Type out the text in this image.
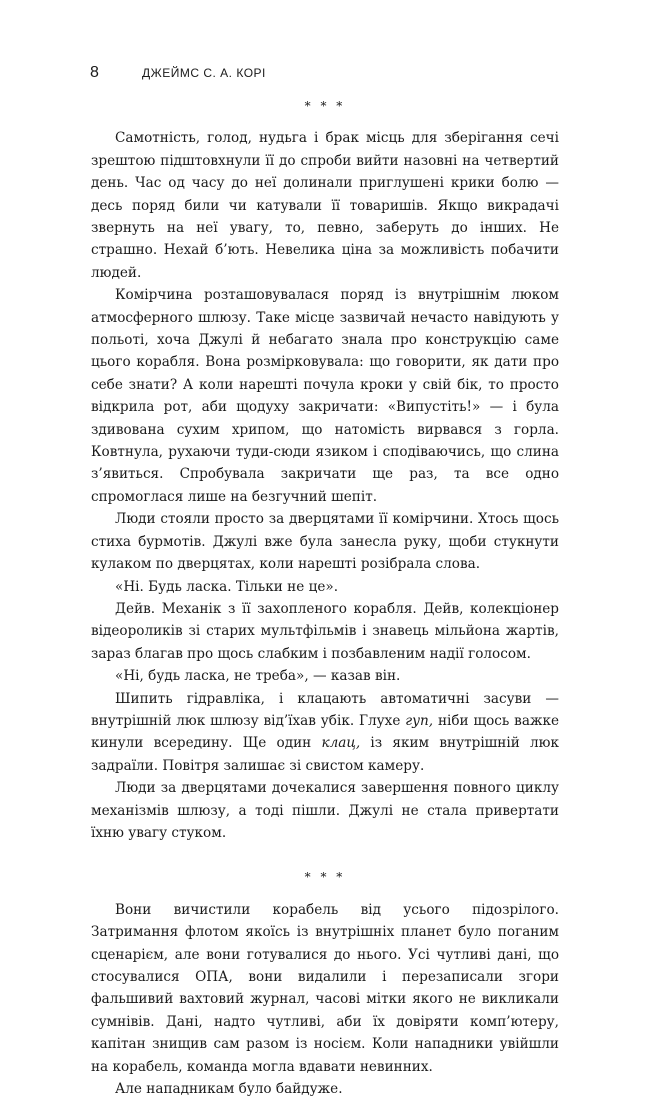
8	ДЖЕЙМС С. А. КОРІ
* * *

Самотність, голод, нудьга і брак місць для зберігання сечі зрештою підштовхнули її до спроби вийти назовні на четвертий день. Час од часу до неї долинали приглушені крики болю — десь поряд били чи катували її товаришів. Якщо викрадачі звернуть на неї увагу, то, певно, заберуть до інших. Не страшно. Нехай б’ють. Невелика ціна за можливість побачити людей.

Комірчина розташовувалася поряд із внутрішнім люком атмосферного шлюзу. Таке місце зазвичай нечасто навідують у польоті, хоча Джулі й небагато знала про конструкцію саме цього корабля. Вона розмірковувала: що говорити, як дати про себе знати? А коли нарешті почула кроки у свій бік, то просто відкрила рот, аби щодуху закричати: «Випустіть!» — і була здивована сухим хрипом, що натомість вирвався з горла. Ковтнула, рухаючи туди-сюди язиком і сподіваючись, що слина з’явиться. Спробувала закричати ще раз, та все одно спромоглася лише на безгучний шепіт.

Люди стояли просто за дверцятами її комірчини. Хтось щось стиха бурмотів. Джулі вже була занесла руку, щоби стукнути кулаком по дверцятах, коли нарешті розібрала слова.

«Ні. Будь ласка. Тільки не це».

Дейв. Механік з її захопленого корабля. Дейв, колекціонер відеороликів зі старих мультфільмів і знавець мільйона жартів, зараз благав про щось слабким і позбавленим надії голосом.

«Ні, будь ласка, не треба», — казав він.

Шипить гідравліка, і клацають автоматичні засуви — внутрішній люк шлюзу від’їхав убік. Глухе гуп, ніби щось важке кинули всередину. Ще один клац, із яким внутрішній люк задраїли. Повітря залишає зі свистом камеру.

Люди за дверцятами дочекалися завершення повного циклу механізмів шлюзу, а тоді пішли. Джулі не стала привертати їхню увагу стуком.

* * *

Вони вичистили корабель від усього підозрілого. Затримання флотом якоїсь із внутрішніх планет було поганим сценарієм, але вони готувалися до нього. Усі чутливі дані, що стосувалися ОПА, вони видалили і перезаписали згори фальшивий вахтовий журнал, часові мітки якого не викликали сумнівів. Дані, надто чутливі, аби їх довіряти комп’ютеру, капітан знищив сам разом із носієм. Коли нападники увійшли на корабель, команда могла вдавати невинних.

Але нападникам було байдуже.
